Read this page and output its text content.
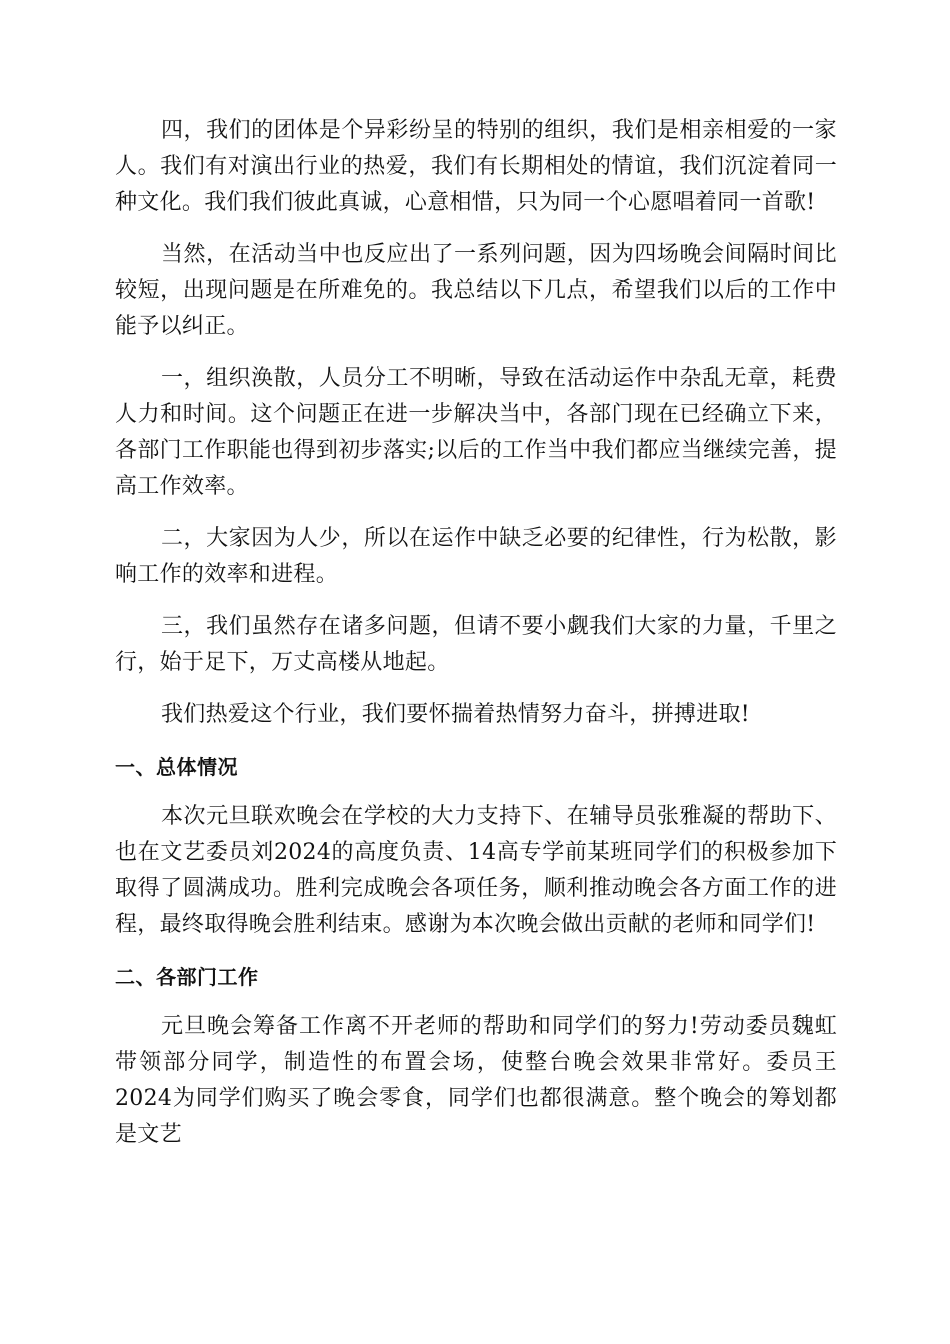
四，我们的团体是个异彩纷呈的特别的组织，我们是相亲相爱的一家人。我们有对演出行业的热爱，我们有长期相处的情谊，我们沉淀着同一种文化。我们我们彼此真诚，心意相惜，只为同一个心愿唱着同一首歌!

当然，在活动当中也反应出了一系列问题，因为四场晚会间隔时间比较短，出现问题是在所难免的。我总结以下几点，希望我们以后的工作中能予以纠正。

一，组织涣散，人员分工不明晰，导致在活动运作中杂乱无章，耗费人力和时间。这个问题正在进一步解决当中，各部门现在已经确立下来，各部门工作职能也得到初步落实;以后的工作当中我们都应当继续完善，提高工作效率。

二，大家因为人少，所以在运作中缺乏必要的纪律性，行为松散，影响工作的效率和进程。

三，我们虽然存在诸多问题，但请不要小觑我们大家的力量，千里之行，始于足下，万丈高楼从地起。

我们热爱这个行业，我们要怀揣着热情努力奋斗，拼搏进取!

一、总体情况

本次元旦联欢晚会在学校的大力支持下、在辅导员张雅凝的帮助下、也在文艺委员刘2024的高度负责、14高专学前某班同学们的积极参加下取得了圆满成功。胜利完成晚会各项任务，顺利推动晚会各方面工作的进程，最终取得晚会胜利结束。感谢为本次晚会做出贡献的老师和同学们!

二、各部门工作

元旦晚会筹备工作离不开老师的帮助和同学们的努力!劳动委员魏虹带领部分同学，制造性的布置会场，使整台晚会效果非常好。委员王2024为同学们购买了晚会零食，同学们也都很满意。整个晚会的筹划都是文艺
